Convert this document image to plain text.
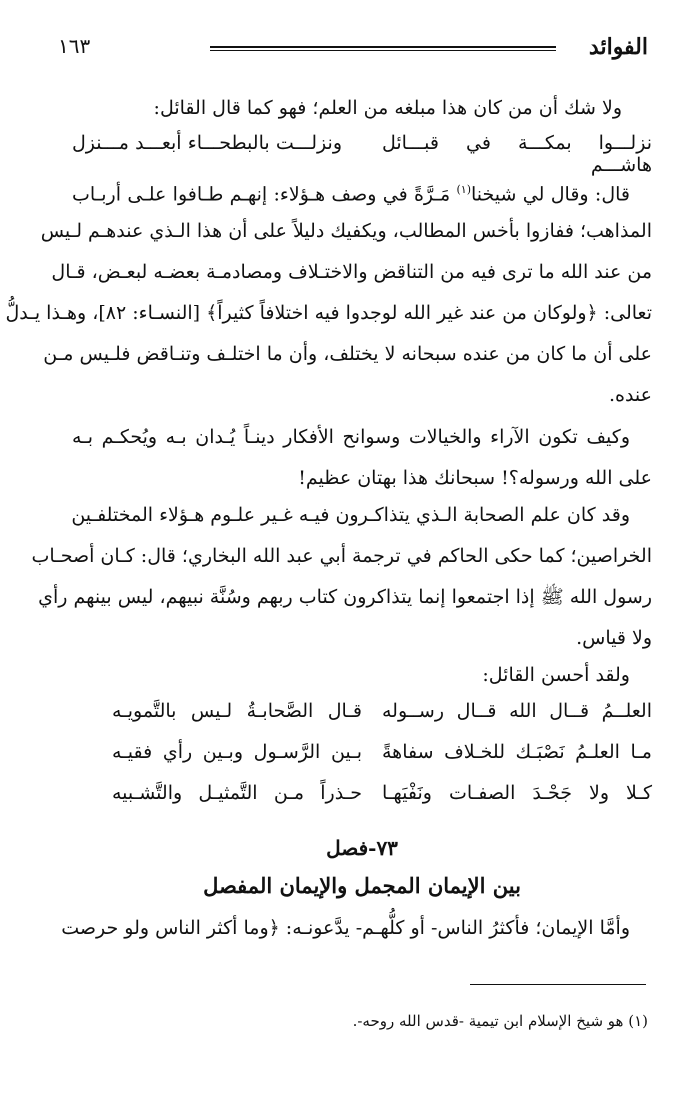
الفوائد
١٦٣
ولا شك أن من كان هذا مبلغه من العلم؛ فهو كما قال القائل:
نزلـــوا بمكـــة في قبـــائل هاشـــم
ونزلـــت بالبطحـــاء أبعـــد مـــنزل
قال: وقال لي شيخنا$^{(١)}$ مَـرَّةً في وصف هـؤلاء: إنهـم طـافوا علـى أربـاب
المذاهب؛ ففازوا بأخس المطالب، ويكفيك دليلاً على أن هذا الـذي عندهـم لـيس
من عند الله ما ترى فيه من التناقض والاختـلاف ومصادمـة بعضـه لبعـض، قـال
تعالى: ﴿ولوكان من عند غير الله لوجدوا فيه اختلافاً كثيراً﴾ [النسـاء: ٨٢]، وهـذا يـدلُّ
على أن ما كان من عنده سبحانه لا يختلف، وأن ما اختلـف وتنـاقض فلـيس مـن
عنده.
وكيف تكون الآراء والخيالات وسوانح الأفكار دينـاً يُـدان بـه ويُحكـم بـه
على الله ورسوله؟! سبحانك هذا بهتان عظيم!
وقد كان علم الصحابة الـذي يتذاكـرون فيـه غـير علـوم هـؤلاء المختلفـين
الخراصين؛ كما حكى الحاكم في ترجمة أبي عبد الله البخاري؛ قال: كـان أصحـاب
رسول الله ﷺ إذا اجتمعوا إنما يتذاكرون كتاب ربهم وسُنَّة نبيهم، ليس بينهم رأي
ولا قياس.
ولقد أحسن القائل:
العلــمُ قــال الله قــال رســوله
قـال الصَّحابـةُ لـيس بالتَّمويـه
مـا العلـمُ نَصْبَـك للخـلاف سفاهةً
بـين الرَّسـول وبـين رأي فقيـه
كـلا ولا جَحْـدَ الصفـات ونَفْيَهـا
حـذراً مـن التَّمثيـل والتَّشـبيه
٧٣-فصل
بين الإيمان المجمل والإيمان المفصل
وأمَّا الإيمان؛ فأكثرُ الناس- أو كلُّهـم- يدَّعونـه: ﴿وما أكثر الناس ولو حرصت
(١) هو شيخ الإسلام ابن تيمية -قدس الله روحه-.
